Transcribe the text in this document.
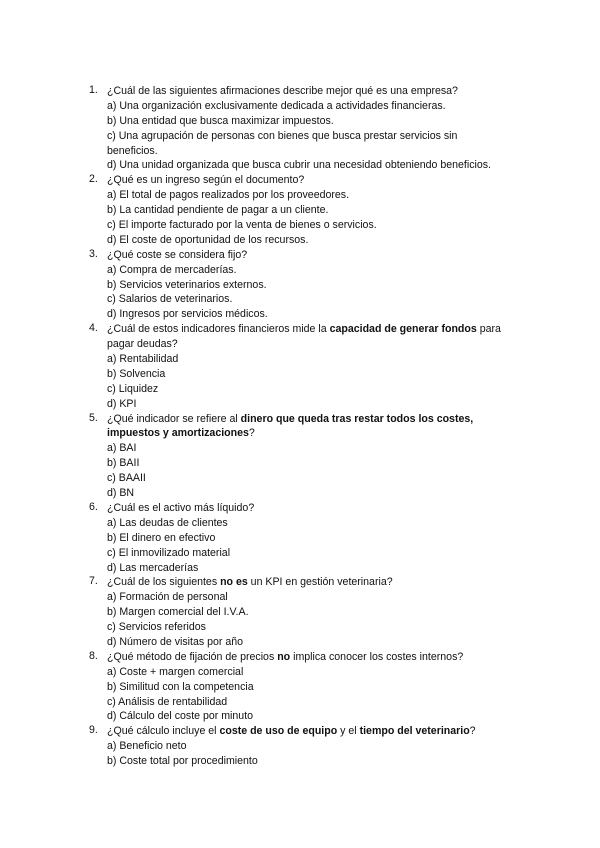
1. ¿Cuál de las siguientes afirmaciones describe mejor qué es una empresa?
a) Una organización exclusivamente dedicada a actividades financieras.
b) Una entidad que busca maximizar impuestos.
c) Una agrupación de personas con bienes que busca prestar servicios sin
beneficios.
d) Una unidad organizada que busca cubrir una necesidad obteniendo beneficios.
2. ¿Qué es un ingreso según el documento?
a) El total de pagos realizados por los proveedores.
b) La cantidad pendiente de pagar a un cliente.
c) El importe facturado por la venta de bienes o servicios.
d) El coste de oportunidad de los recursos.
3. ¿Qué coste se considera fijo?
a) Compra de mercaderías.
b) Servicios veterinarios externos.
c) Salarios de veterinarios.
d) Ingresos por servicios médicos.
4. ¿Cuál de estos indicadores financieros mide la capacidad de generar fondos para
pagar deudas?
a) Rentabilidad
b) Solvencia
c) Liquidez
d) KPI
5. ¿Qué indicador se refiere al dinero que queda tras restar todos los costes,
impuestos y amortizaciones?
a) BAI
b) BAII
c) BAAII
d) BN
6. ¿Cuál es el activo más líquido?
a) Las deudas de clientes
b) El dinero en efectivo
c) El inmovilizado material
d) Las mercaderías
7. ¿Cuál de los siguientes no es un KPI en gestión veterinaria?
a) Formación de personal
b) Margen comercial del I.V.A.
c) Servicios referidos
d) Número de visitas por año
8. ¿Qué método de fijación de precios no implica conocer los costes internos?
a) Coste + margen comercial
b) Similitud con la competencia
c) Análisis de rentabilidad
d) Cálculo del coste por minuto
9. ¿Qué cálculo incluye el coste de uso de equipo y el tiempo del veterinario?
a) Beneficio neto
b) Coste total por procedimiento
